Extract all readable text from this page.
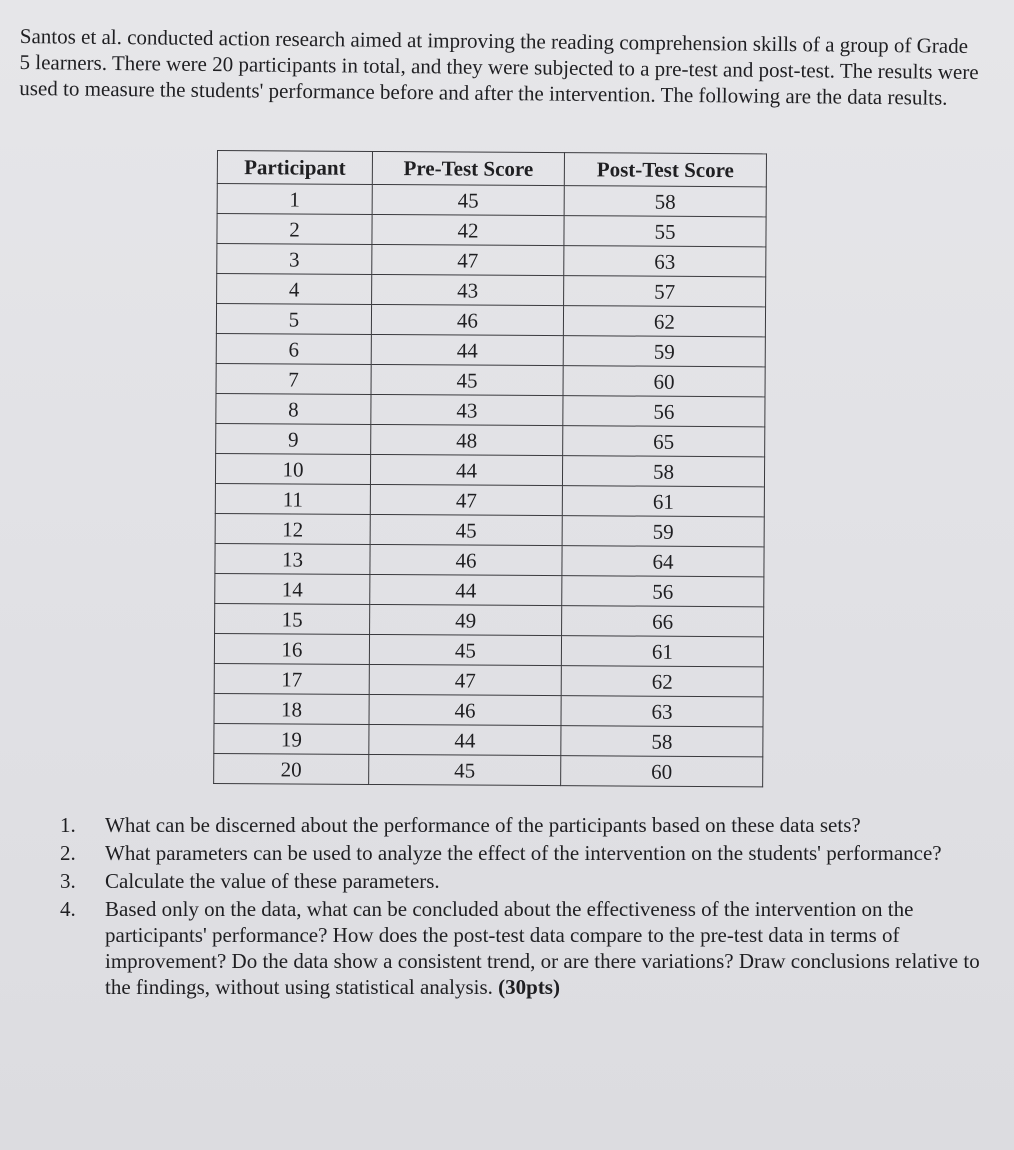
Santos et al. conducted action research aimed at improving the reading comprehension skills of a group of Grade 5 learners. There were 20 participants in total, and they were subjected to a pre-test and post-test. The results were used to measure the students' performance before and after the intervention. The following are the data results.

Participant	Pre-Test Score	Post-Test Score
1	45	58
2	42	55
3	47	63
4	43	57
5	46	62
6	44	59
7	45	60
8	43	56
9	48	65
10	44	58
11	47	61
12	45	59
13	46	64
14	44	56
15	49	66
16	45	61
17	47	62
18	46	63
19	44	58
20	45	60
1. What can be discerned about the performance of the participants based on these data sets?
2. What parameters can be used to analyze the effect of the intervention on the students' performance?
3. Calculate the value of these parameters.
4. Based only on the data, what can be concluded about the effectiveness of the intervention on the participants' performance? How does the post-test data compare to the pre-test data in terms of improvement? Do the data show a consistent trend, or are there variations? Draw conclusions relative to the findings, without using statistical analysis. (30pts)
